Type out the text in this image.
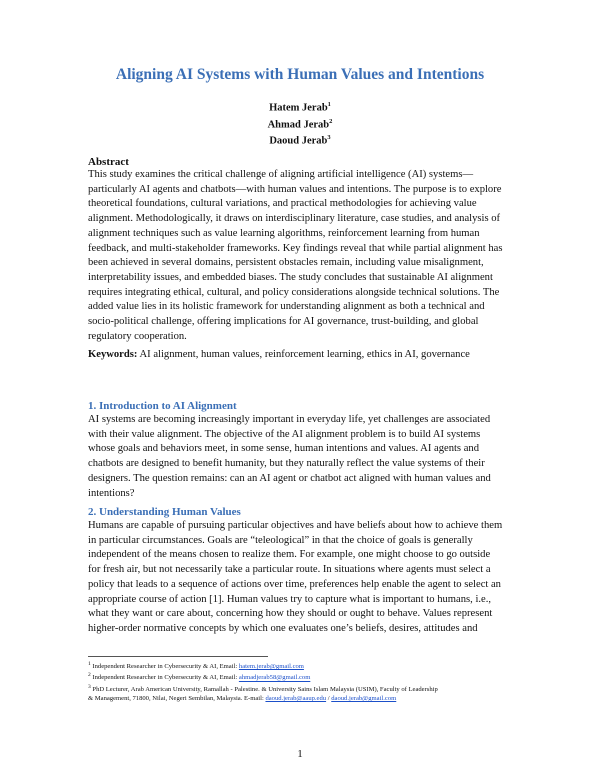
Aligning AI Systems with Human Values and Intentions
Hatem Jerab$^1$
Ahmad Jerab$^2$
Daoud Jerab$^3$
Abstract
This study examines the critical challenge of aligning artificial intelligence (AI) systems—
particularly AI agents and chatbots—with human values and intentions. The purpose is to explore
theoretical foundations, cultural variations, and practical methodologies for achieving value
alignment. Methodologically, it draws on interdisciplinary literature, case studies, and analysis of
alignment techniques such as value learning algorithms, reinforcement learning from human
feedback, and multi-stakeholder frameworks. Key findings reveal that while partial alignment has
been achieved in several domains, persistent obstacles remain, including value misalignment,
interpretability issues, and embedded biases. The study concludes that sustainable AI alignment
requires integrating ethical, cultural, and policy considerations alongside technical solutions. The
added value lies in its holistic framework for understanding alignment as both a technical and
socio-political challenge, offering implications for AI governance, trust-building, and global
regulatory cooperation.
Keywords: AI alignment, human values, reinforcement learning, ethics in AI, governance
1. Introduction to AI Alignment
AI systems are becoming increasingly important in everyday life, yet challenges are associated
with their value alignment. The objective of the AI alignment problem is to build AI systems
whose goals and behaviors meet, in some sense, human intentions and values. AI agents and
chatbots are designed to benefit humanity, but they naturally reflect the value systems of their
designers. The question remains: can an AI agent or chatbot act aligned with human values and
intentions?
2. Understanding Human Values
Humans are capable of pursuing particular objectives and have beliefs about how to achieve them
in particular circumstances. Goals are “teleological” in that the choice of goals is generally
independent of the means chosen to realize them. For example, one might choose to go outside
for fresh air, but not necessarily take a particular route. In situations where agents must select a
policy that leads to a sequence of actions over time, preferences help enable the agent to select an
appropriate course of action [1]. Human values try to capture what is important to humans, i.e.,
what they want or care about, concerning how they should or ought to behave. Values represent
higher-order normative concepts by which one evaluates one’s beliefs, desires, attitudes and
$^1$ Independent Researcher in Cybersecurity & AI, Email: hatem.jerab@gmail.com
$^2$ Independent Researcher in Cybersecurity & AI, Email: ahmadjerab58@gmail.com
$^3$ PhD Lecturer, Arab American University, Ramallah - Palestine. & University Sains Islam Malaysia (USIM), Faculty of Leadership
& Management, 71800, Nilai, Negeri Sembilan, Malaysia. E-mail: daoud.jerab@aaup.edu / daoud.jerab@gmail.com
1
